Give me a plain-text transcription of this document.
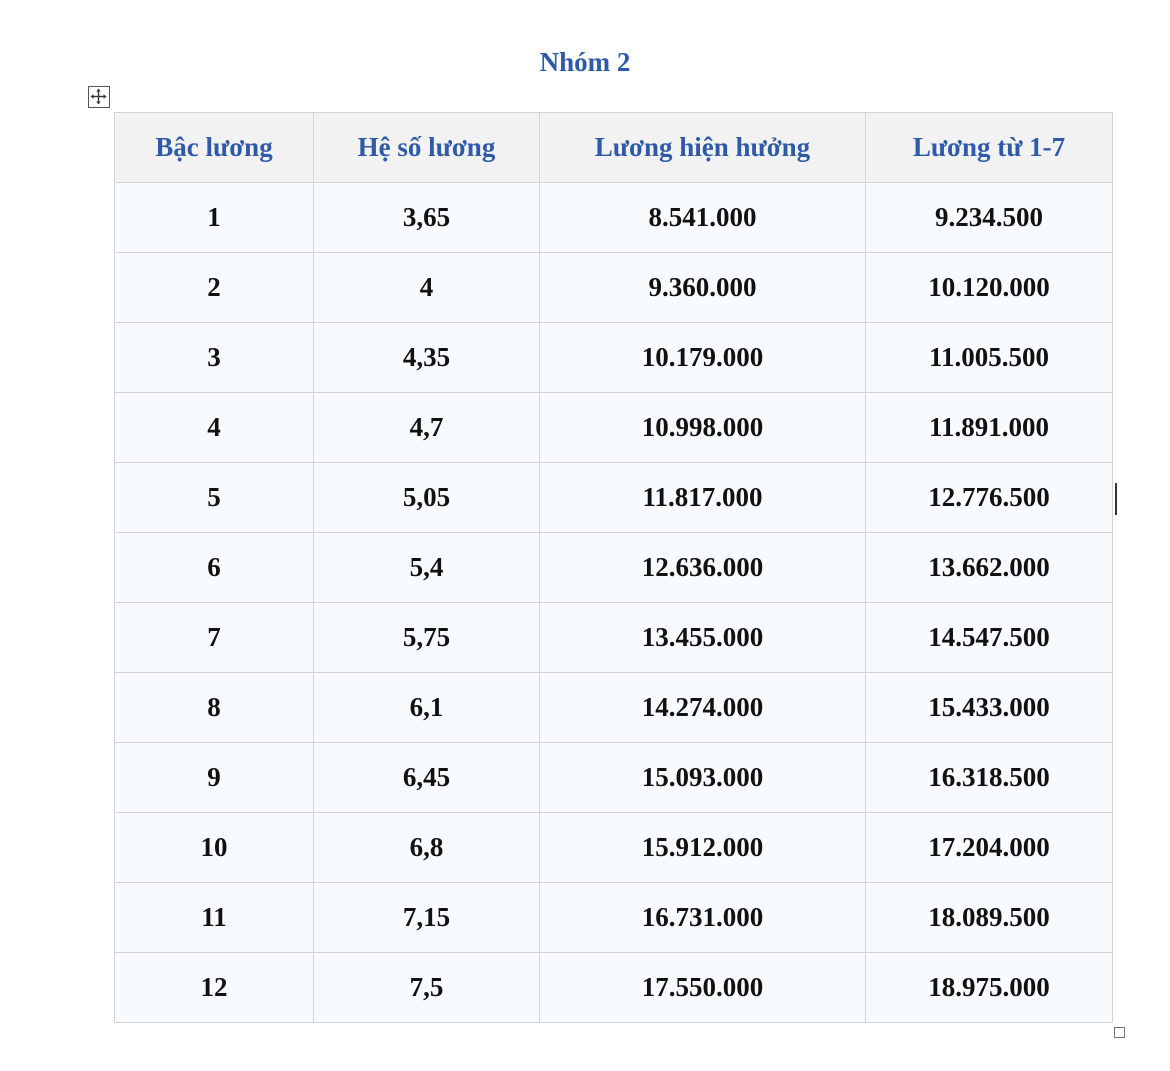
Nhóm 2
Bậc lương	Hệ số lương	Lương hiện hưởng	Lương từ 1-7
1	3,65	8.541.000	9.234.500
2	4	9.360.000	10.120.000
3	4,35	10.179.000	11.005.500
4	4,7	10.998.000	11.891.000
5	5,05	11.817.000	12.776.500
6	5,4	12.636.000	13.662.000
7	5,75	13.455.000	14.547.500
8	6,1	14.274.000	15.433.000
9	6,45	15.093.000	16.318.500
10	6,8	15.912.000	17.204.000
11	7,15	16.731.000	18.089.500
12	7,5	17.550.000	18.975.000
